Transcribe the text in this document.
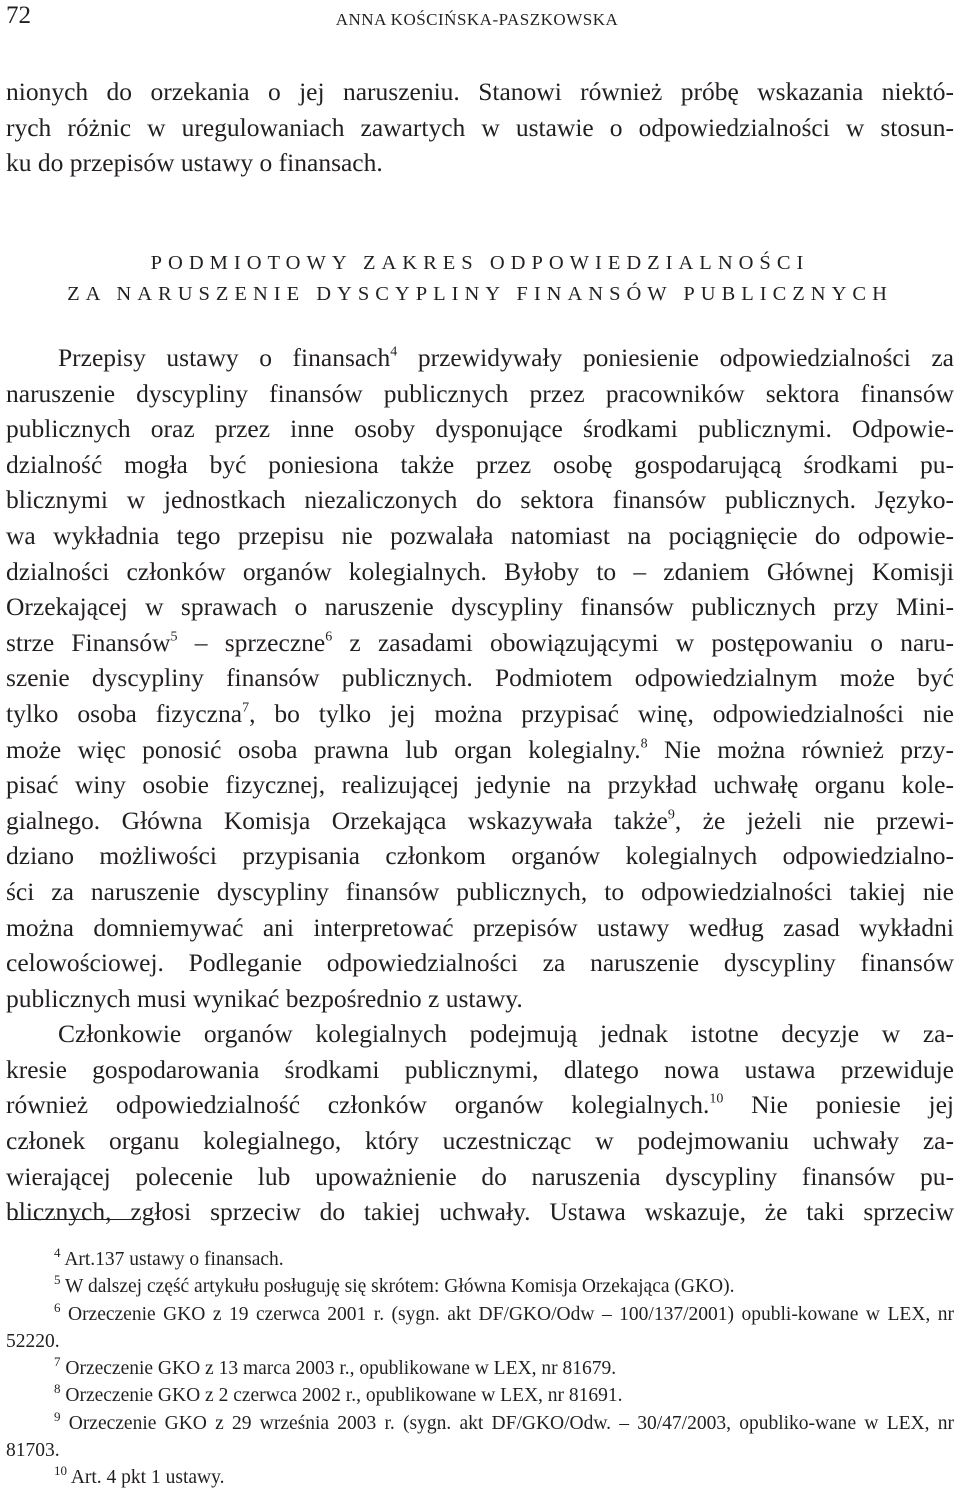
72	ANNA KOŚCIŃSKA-PASZKOWSKA
nionych do orzekania o jej naruszeniu. Stanowi również próbę wskazania niektó-
rych różnic w uregulowaniach zawartych w ustawie o odpowiedzialności w stosun-
ku do przepisów ustawy o finansach.
PODMIOTOWY ZAKRES ODPOWIEDZIALNOŚCI
ZA NARUSZENIE DYSCYPLINY FINANSÓW PUBLICZNYCH
Przepisy ustawy o finansach$^4$ przewidywały poniesienie odpowiedzialności za
naruszenie dyscypliny finansów publicznych przez pracowników sektora finansów
publicznych oraz przez inne osoby dysponujące środkami publicznymi. Odpowie-
dzialność mogła być poniesiona także przez osobę gospodarującą środkami pu-
blicznymi w jednostkach niezaliczonych do sektora finansów publicznych. Języko-
wa wykładnia tego przepisu nie pozwalała natomiast na pociągnięcie do odpowie-
dzialności członków organów kolegialnych. Byłoby to – zdaniem Głównej Komisji
Orzekającej w sprawach o naruszenie dyscypliny finansów publicznych przy Mini-
strze Finansów$^5$ – sprzeczne$^6$ z zasadami obowiązującymi w postępowaniu o naru-
szenie dyscypliny finansów publicznych. Podmiotem odpowiedzialnym może być
tylko osoba fizyczna$^7$, bo tylko jej można przypisać winę, odpowiedzialności nie
może więc ponosić osoba prawna lub organ kolegialny.$^8$ Nie można również przy-
pisać winy osobie fizycznej, realizującej jedynie na przykład uchwałę organu kole-
gialnego. Główna Komisja Orzekająca wskazywała także$^9$, że jeżeli nie przewi-
dziano możliwości przypisania członkom organów kolegialnych odpowiedzialno-
ści za naruszenie dyscypliny finansów publicznych, to odpowiedzialności takiej nie
można domniemywać ani interpretować przepisów ustawy według zasad wykładni
celowościowej. Podleganie odpowiedzialności za naruszenie dyscypliny finansów
publicznych musi wynikać bezpośrednio z ustawy.
Członkowie organów kolegialnych podejmują jednak istotne decyzje w za-
kresie gospodarowania środkami publicznymi, dlatego nowa ustawa przewiduje
również odpowiedzialność członków organów kolegialnych.$^{10}$ Nie poniesie jej
członek organu kolegialnego, który uczestnicząc w podejmowaniu uchwały za-
wierającej polecenie lub upoważnienie do naruszenia dyscypliny finansów pu-
blicznych, zgłosi sprzeciw do takiej uchwały. Ustawa wskazuje, że taki sprzeciw

$^4$ Art.137 ustawy o finansach.

$^5$ W dalszej część artykułu posługuję się skrótem: Główna Komisja Orzekająca (GKO).

$^6$ Orzeczenie GKO z 19 czerwca 2001 r. (sygn. akt DF/GKO/Odw – 100/137/2001) opubli-kowane w LEX, nr 52220.

$^7$ Orzeczenie GKO z 13 marca 2003 r., opublikowane w LEX, nr 81679.

$^8$ Orzeczenie GKO z 2 czerwca 2002 r., opublikowane w LEX, nr 81691.

$^9$ Orzeczenie GKO z 29 września 2003 r. (sygn. akt DF/GKO/Odw. – 30/47/2003, opubliko-wane w LEX, nr 81703.

$^{10}$ Art. 4 pkt 1 ustawy.
